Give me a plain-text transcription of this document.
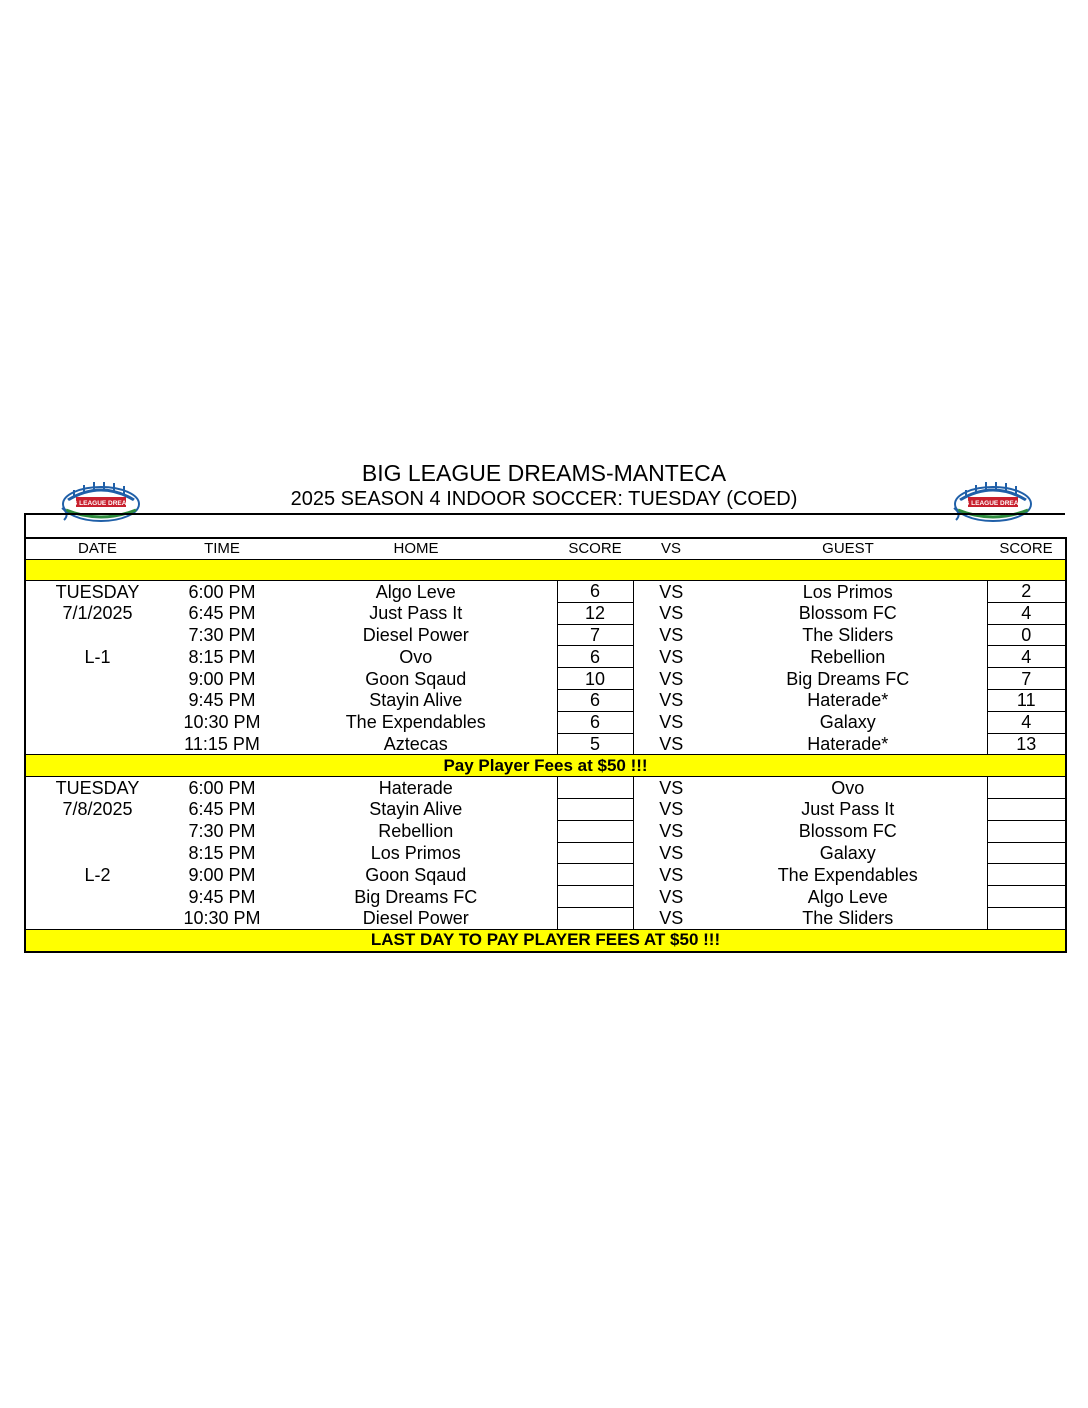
BIG LEAGUE DREAMS-MANTECA
2025 SEASON 4 INDOOR SOCCER: TUESDAY (COED)
BIG LEAGUE DREAMS	BIG LEAGUE DREAMS
DATE	TIME	HOME	SCORE	VS	GUEST	SCORE

TUESDAY	6:00 PM	Algo Leve	6	VS	Los Primos	2
7/1/2025	6:45 PM	Just Pass It	12	VS	Blossom FC	4
	7:30 PM	Diesel Power	7	VS	The Sliders	0
L-1	8:15 PM	Ovo	6	VS	Rebellion	4
	9:00 PM	Goon Sqaud	10	VS	Big Dreams FC	7
	9:45 PM	Stayin Alive	6	VS	Haterade*	11
	10:30 PM	The Expendables	6	VS	Galaxy	4
	11:15 PM	Aztecas	5	VS	Haterade*	13
Pay Player Fees at $50 !!!						
TUESDAY	6:00 PM	Haterade		VS	Ovo	
7/8/2025	6:45 PM	Stayin Alive		VS	Just Pass It	
	7:30 PM	Rebellion		VS	Blossom FC	
	8:15 PM	Los Primos		VS	Galaxy	
L-2	9:00 PM	Goon Sqaud		VS	The Expendables	
	9:45 PM	Big Dreams FC		VS	Algo Leve	
	10:30 PM	Diesel Power		VS	The Sliders	
LAST DAY TO PAY PLAYER FEES AT $50 !!!						
